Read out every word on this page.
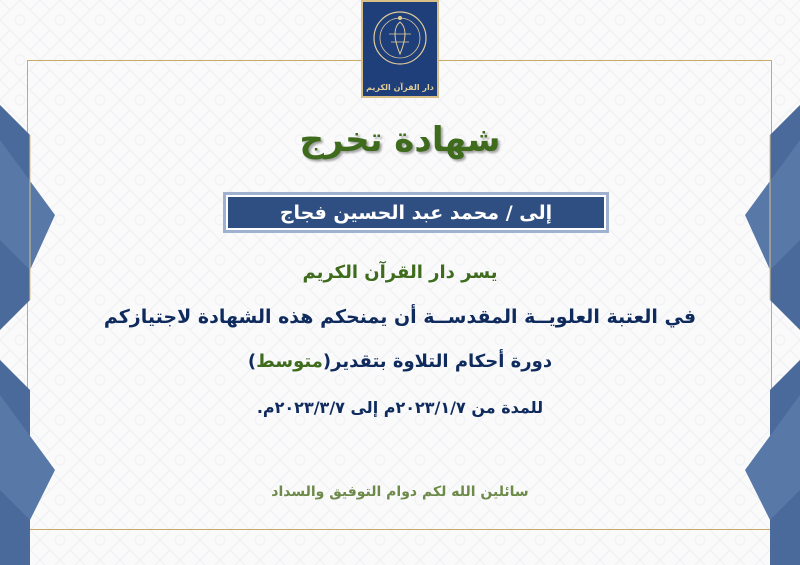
دار القرآن الكريم
شهادة تخرج
إلى / محمد عبد الحسين فجاج
يسر دار القرآن الكريم
في العتبة العلويــة المقدســة أن يمنحكم هذه الشهادة لاجتيازكم
دورة أحكام التلاوة بتقدير(متوسط)
للمدة من ٢٠٢٣/١/٧م إلى ٢٠٢٣/٣/٧م.
سائلين الله لكم دوام التوفيق والسداد
